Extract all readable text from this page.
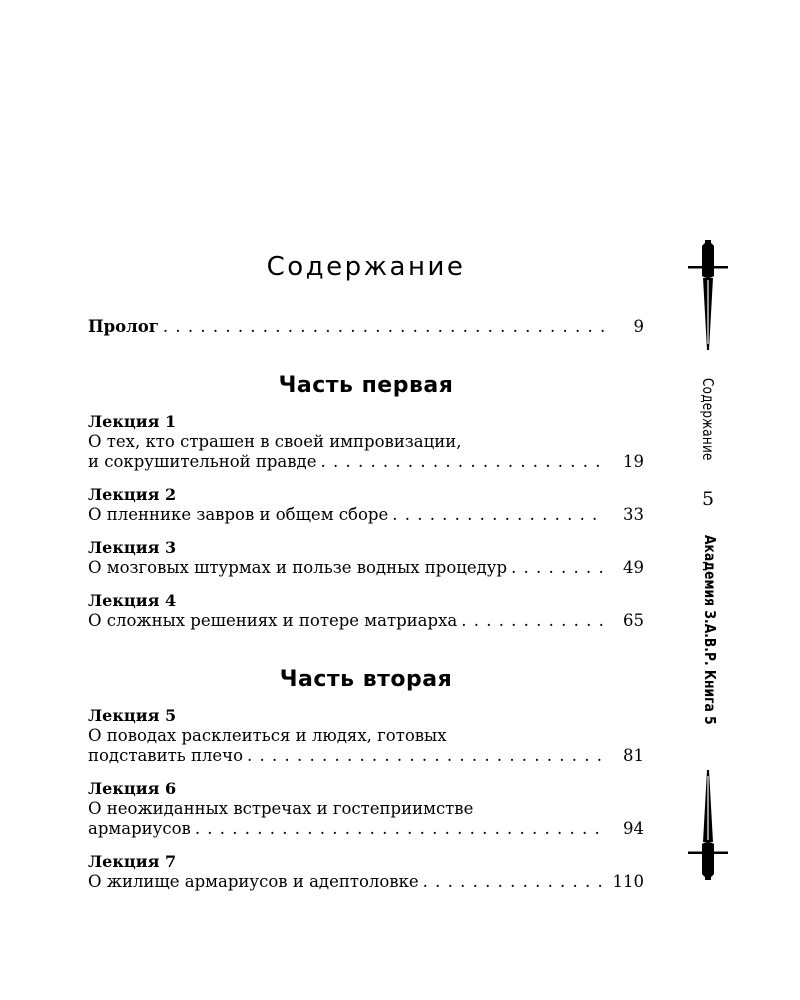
Содержание
Пролог . . .	9
Часть первая
Лекция 1
О тех, кто страшен в своей импровизации,
и сокрушительной правде . . .	19
Лекция 2
О пленнике завров и общем сборе . . .	33
Лекция 3
О мозговых штурмах и пользе водных процедур . . .	49
Лекция 4
О сложных решениях и потере матриарха . . .	65
Часть вторая
Лекция 5
О поводах расклеиться и людях, готовых
подставить плечо . . .	81
Лекция 6
О неожиданных встречах и гостеприимстве
армариусов . . .	94
Лекция 7
О жилище армариусов и адептоловке . . .	110
Содержание
5
Академия З.А.В.Р. Книга 5
